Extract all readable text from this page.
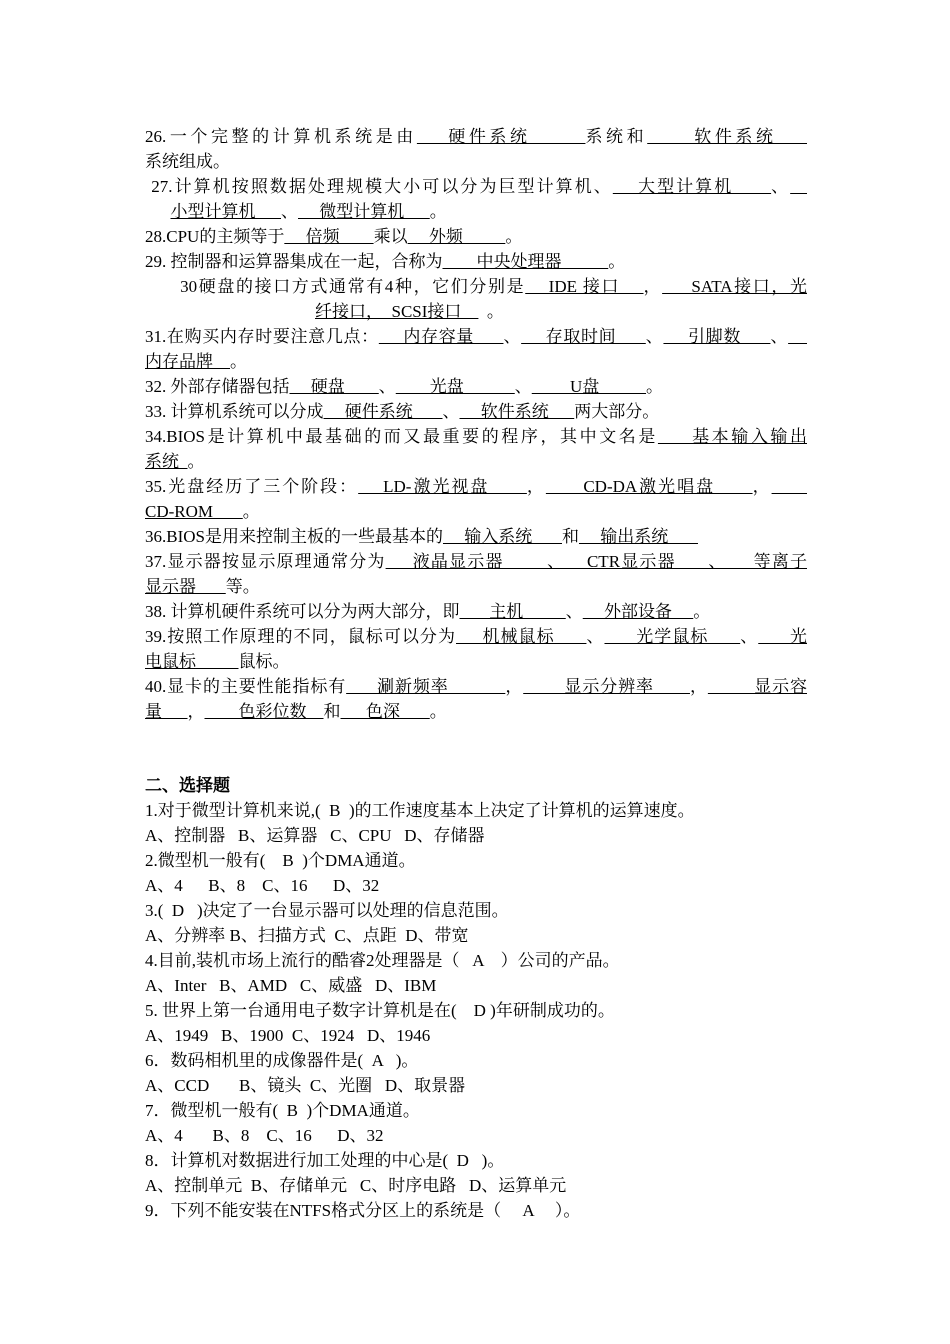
26.一个完整的计算机系统是由    硬件系统       系统和      软件系统
系统组成。
27.计算机按照数据处理规模大小可以分为巨型计算机、    大型计算机      、
小型计算机      、     微型计算机      。
28.CPU的主频等于     倍频        乘以     外频          。
29. 控制器和运算器集成在一起，合称为        中央处理器           。
30硬盘的接口方式通常有4种，它们分别是    IDE 接口    ，     SATA接口，光
纤接口，  SCSI接口      。
31.在购买内存时要注意几点：     内存容量      、     存取时间      、     引脚数      、
内存品牌    。
32. 外部存储器包括     硬盘        、        光盘            、         U盘           。
33. 计算机系统可以分成     硬件系统       、     软件系统      两大部分。
34.BIOS是计算机中最基础的而又最重要的程序，其中文名是     基本输入输出
系统  。
35.光盘经历了三个阶段：    LD-激光视盘      ，      CD-DA激光唱盘      ，
CD-ROM       。
36.BIOS是用来控制主板的一些最基本的     输入系统       和     输出系统
37.显示器按显示原理通常分为     液晶显示器        、    CTR显示器      、     等离子
显示器       等。
38. 计算机硬件系统可以分为两大部分，即       主机          、     外部设备     。
39.按照工作原理的不同，鼠标可以分为     机械鼠标      、      光学鼠标      、      光
电鼠标          鼠标。
40.显卡的主要性能指标有      涮新频率           ，        显示分辨率       ，         显示容
量      ，        色彩位数    和      色深       。
二、选择题
1.对于微型计算机来说,(  B  )的工作速度基本上决定了计算机的运算速度。
A、控制器   B、运算器   C、CPU   D、存储器
2.微型机一般有(    B  )个DMA通道。
A、4      B、8    C、16      D、32
3.(  D   )决定了一台显示器可以处理的信息范围。
A、分辨率 B、扫描方式  C、点距  D、带宽
4.目前,装机市场上流行的酷睿2处理器是（   A    ）公司的产品。
A、Inter   B、AMD   C、威盛   D、IBM
5. 世界上第一台通用电子数字计算机是在(    D )年研制成功的。
A、1949   B、1900  C、1924   D、1946
6．数码相机里的成像器件是(  A   )。
A、CCD       B、镜头  C、光圈   D、取景器
7．微型机一般有(  B  )个DMA通道。
A、4       B、8    C、16      D、32
8．计算机对数据进行加工处理的中心是(  D   )。
A、控制单元  B、存储单元   C、时序电路   D、运算单元
9．下列不能安装在NTFS格式分区上的系统是（     A     ）。
